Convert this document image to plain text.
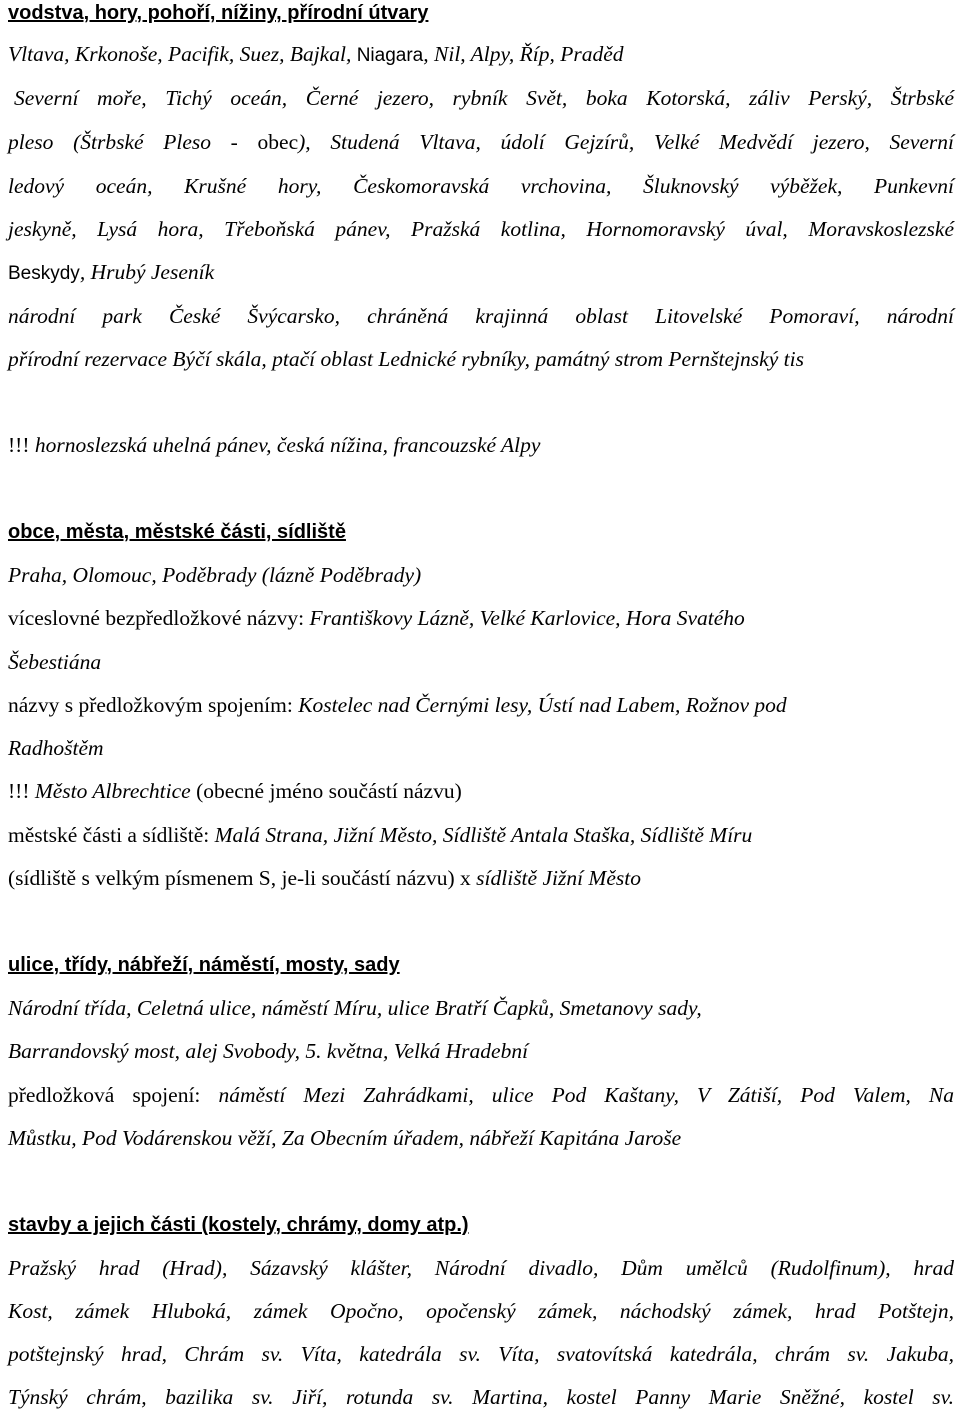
vodstva, hory, pohoří, nížiny, přírodní útvary
Vltava, Krkonoše, Pacifik, Suez, Bajkal, Niagara, Nil, Alpy, Říp, Praděd
Severní moře, Tichý oceán, Černé jezero, rybník Svět, boka Kotorská, záliv Perský, Štrbské
pleso (Štrbské Pleso - obec), Studená Vltava, údolí Gejzírů, Velké Medvědí jezero, Severní
ledový oceán, Krušné hory, Českomoravská vrchovina, Šluknovský výběžek, Punkevní
jeskyně, Lysá hora, Třeboňská pánev, Pražská kotlina, Hornomoravský úval, Moravskoslezské
Beskydy, Hrubý Jeseník
národní park České Švýcarsko, chráněná krajinná oblast Litovelské Pomoraví, národní
přírodní rezervace Býčí skála, ptačí oblast Lednické rybníky, památný strom Pernštejnský tis
!!! hornoslezská uhelná pánev, česká nížina, francouzské Alpy
obce, města, městské části, sídliště
Praha, Olomouc, Poděbrady (lázně Poděbrady)
víceslovné bezpředložkové názvy: Františkovy Lázně, Velké Karlovice, Hora Svatého
Šebestiána
názvy s předložkovým spojením: Kostelec nad Černými lesy, Ústí nad Labem, Rožnov pod
Radhoštěm
!!! Město Albrechtice (obecné jméno součástí názvu)
městské části a sídliště: Malá Strana, Jižní Město, Sídliště Antala Staška, Sídliště Míru
(sídliště s velkým písmenem S, je-li součástí názvu) x sídliště Jižní Město
ulice, třídy, nábřeží, náměstí, mosty, sady
Národní třída, Celetná ulice, náměstí Míru, ulice Bratří Čapků, Smetanovy sady,
Barrandovský most, alej Svobody, 5. května, Velká Hradební
předložková spojení: náměstí Mezi Zahrádkami, ulice Pod Kaštany, V Zátiší, Pod Valem, Na
Můstku, Pod Vodárenskou věží, Za Obecním úřadem, nábřeží Kapitána Jaroše
stavby a jejich části (kostely, chrámy, domy atp.)
Pražský hrad (Hrad), Sázavský klášter, Národní divadlo, Dům umělců (Rudolfinum), hrad
Kost, zámek Hluboká, zámek Opočno, opočenský zámek, náchodský zámek, hrad Potštejn,
potštejnský hrad, Chrám sv. Víta, katedrála sv. Víta, svatovítská katedrála, chrám sv. Jakuba,
Týnský chrám, bazilika sv. Jiří, rotunda sv. Martina, kostel Panny Marie Sněžné, kostel sv.
